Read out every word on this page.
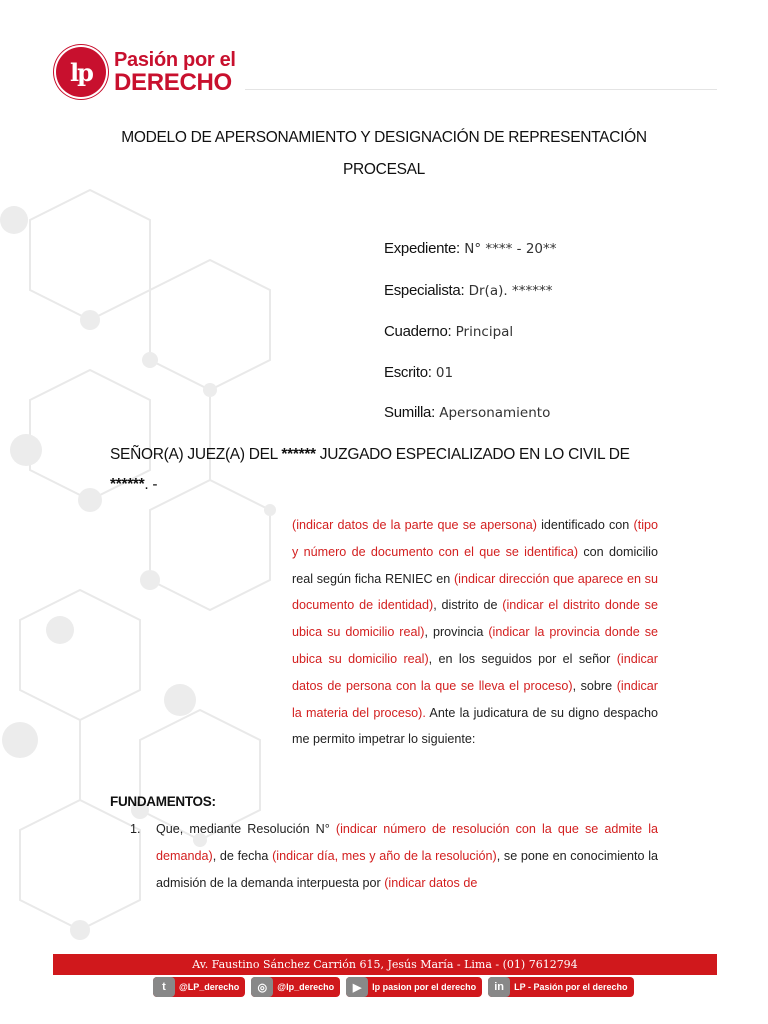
lp	Pasión por el
DERECHO
MODELO DE APERSONAMIENTO Y DESIGNACIÓN DE REPRESENTACIÓN
PROCESAL
Expediente: N° **** - 20**
Especialista: Dr(a). ******
Cuaderno: Principal
Escrito: 01
Sumilla: Apersonamiento
SEÑOR(A) JUEZ(A) DEL ****** JUZGADO ESPECIALIZADO EN LO CIVIL DE ******. -
(indicar datos de la parte que se apersona) identificado con (tipo y número de documento con el que se identifica) con domicilio real según ficha RENIEC en (indicar dirección que aparece en su documento de identidad), distrito de (indicar el distrito donde se ubica su domicilio real), provincia (indicar la provincia donde se ubica su domicilio real), en los seguidos por el señor (indicar datos de persona con la que se lleva el proceso), sobre (indicar la materia del proceso). Ante la judicatura de su digno despacho me permito impetrar lo siguiente:
FUNDAMENTOS:
1. Que, mediante Resolución N° (indicar número de resolución con la que se admite la demanda), de fecha (indicar día, mes y año de la resolución), se pone en conocimiento la admisión de la demanda interpuesta por (indicar datos de
Av. Faustino Sánchez Carrión 615, Jesús María - Lima - (01) 7612794
t	@LP_derecho	◎	@lp_derecho	▶	lp pasion por el derecho	in	LP - Pasión por el derecho
